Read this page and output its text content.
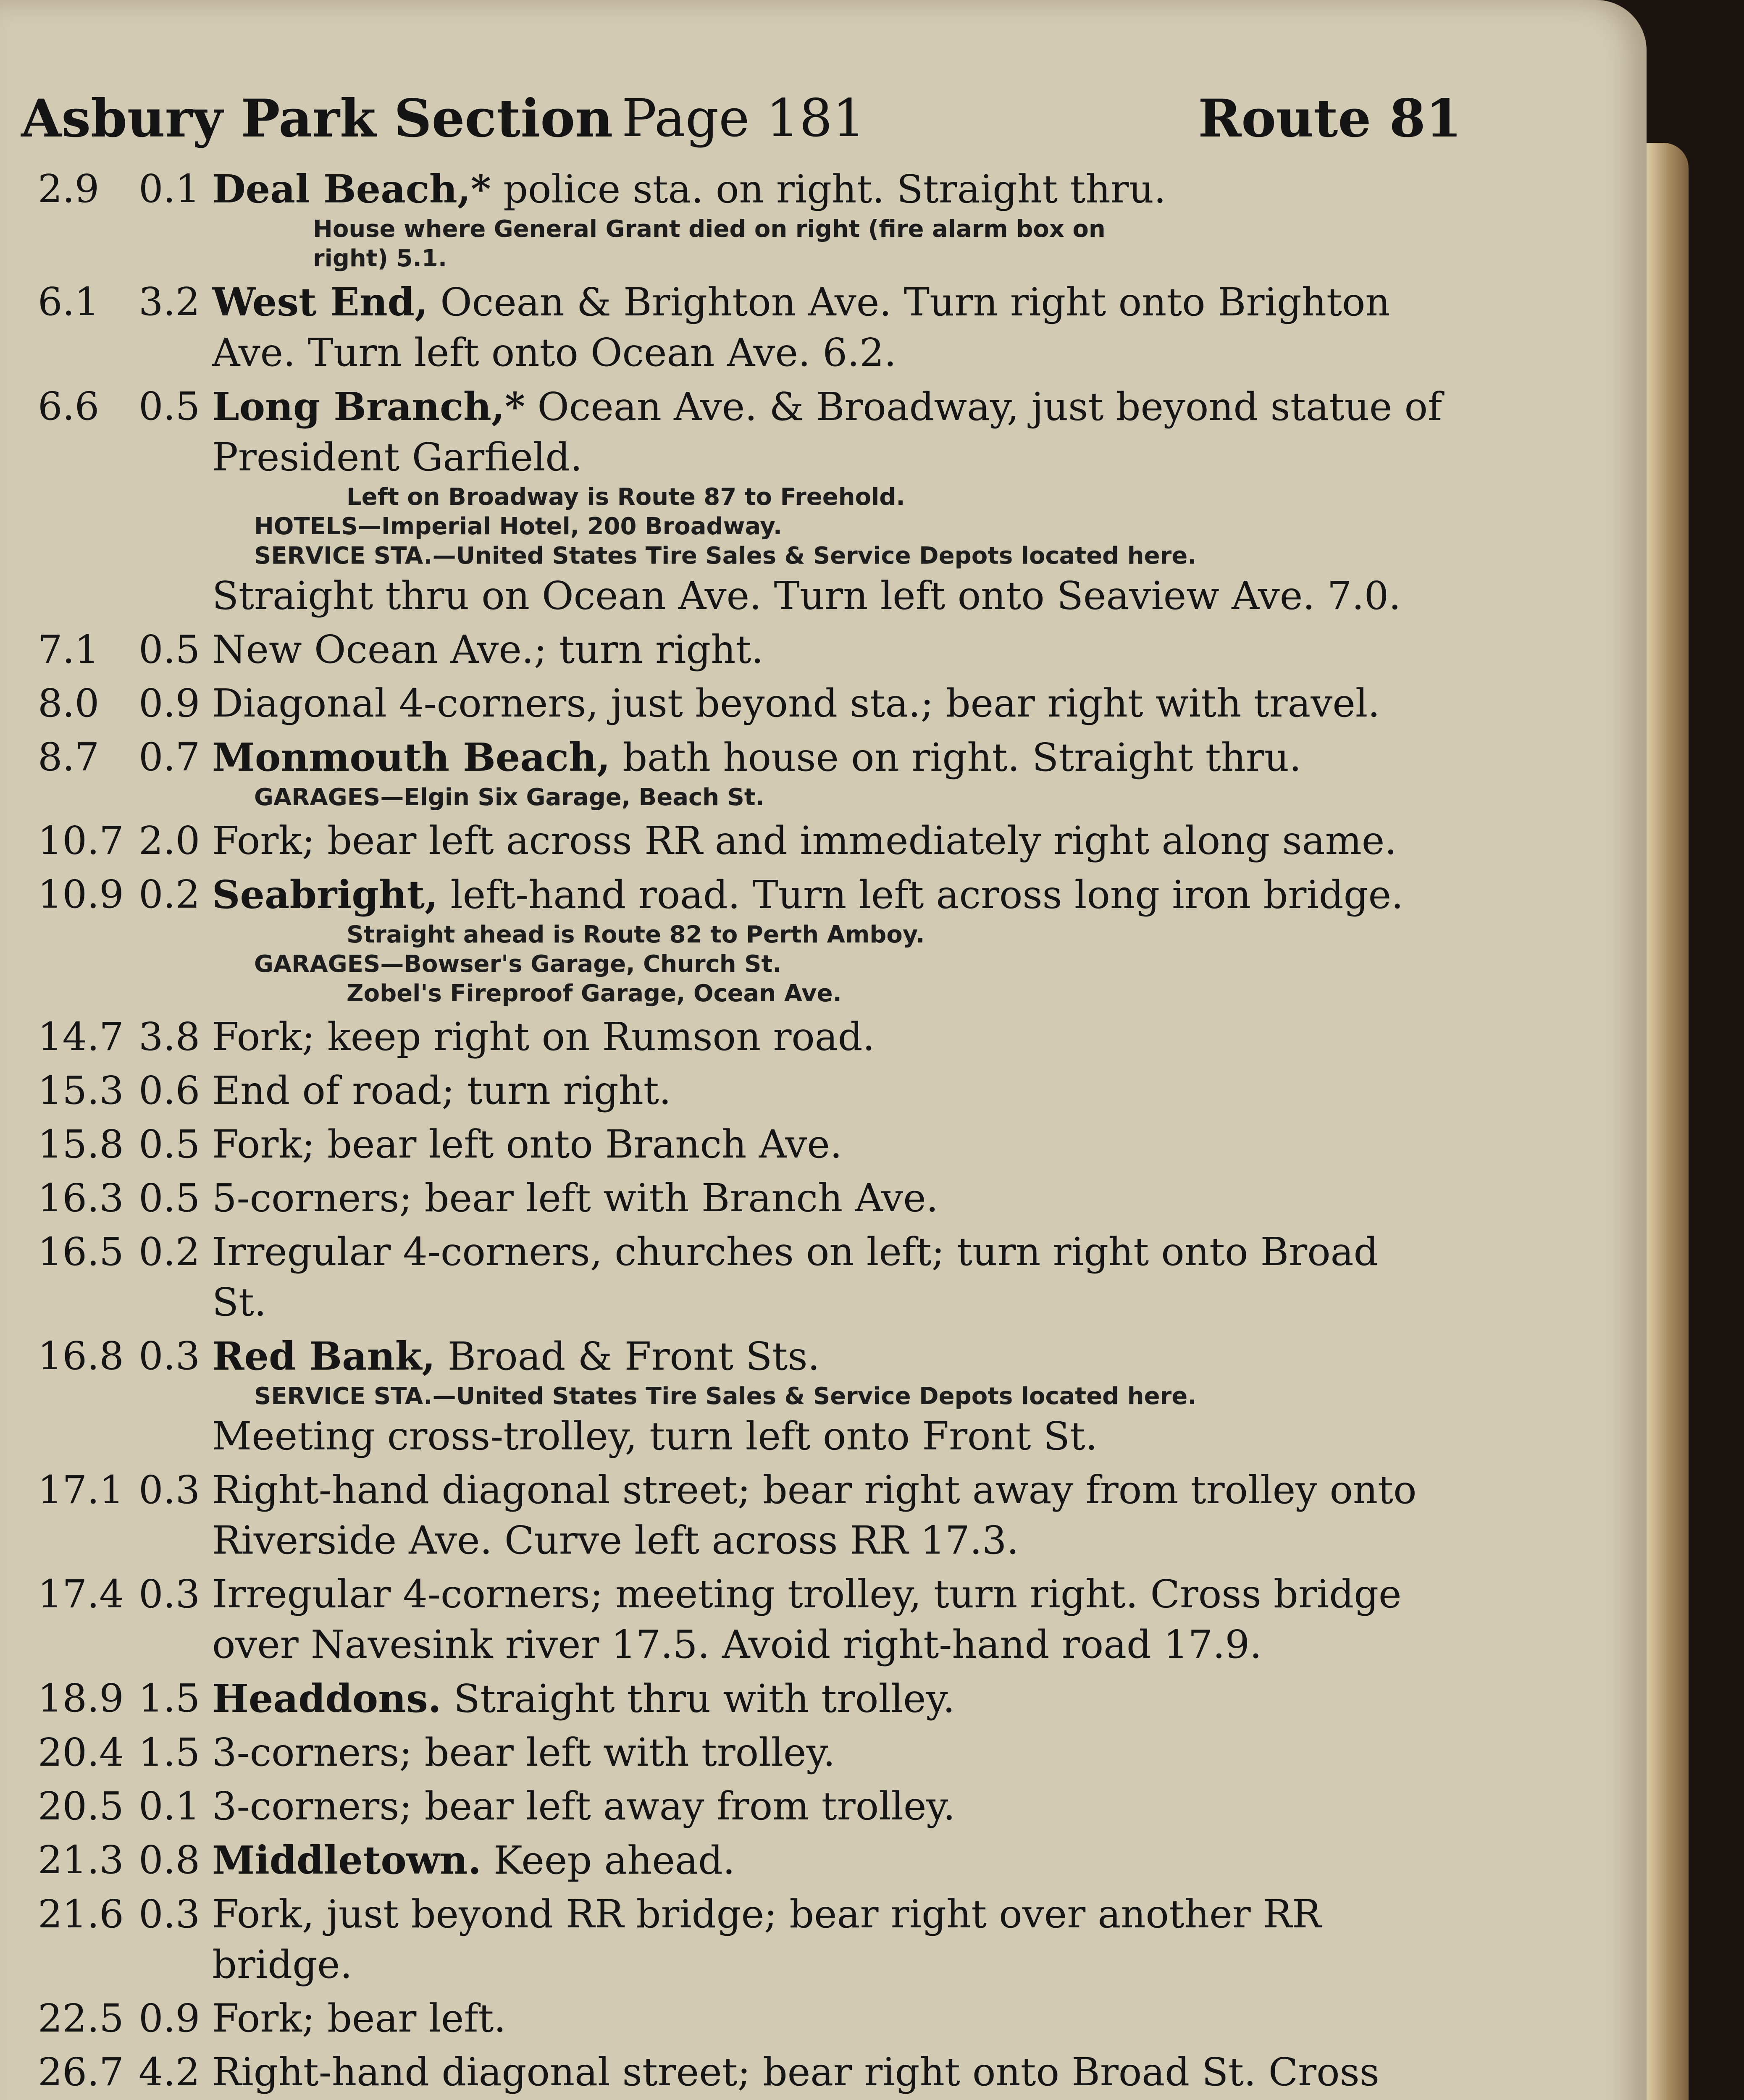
Asbury Park Section Page 181	Route 81
2.9 0.1 Deal Beach,* police sta. on right. Straight thru.
House where General Grant died on right (fire alarm box on
right) 5.1.
6.1 3.2 West End, Ocean & Brighton Ave. Turn right onto Brighton
Ave. Turn left onto Ocean Ave. 6.2.
6.6 0.5 Long Branch,* Ocean Ave. & Broadway, just beyond statue of
President Garfield.
Left on Broadway is Route 87 to Freehold.
HOTELS—Imperial Hotel, 200 Broadway.
SERVICE STA.—United States Tire Sales & Service Depots located here.
Straight thru on Ocean Ave. Turn left onto Seaview Ave. 7.0.
7.1 0.5 New Ocean Ave.; turn right.
8.0 0.9 Diagonal 4-corners, just beyond sta.; bear right with travel.
8.7 0.7 Monmouth Beach, bath house on right. Straight thru.
GARAGES—Elgin Six Garage, Beach St.
10.7 2.0 Fork; bear left across RR and immediately right along same.
10.9 0.2 Seabright, left-hand road. Turn left across long iron bridge.
Straight ahead is Route 82 to Perth Amboy.
GARAGES—Bowser's Garage, Church St.
Zobel's Fireproof Garage, Ocean Ave.
14.7 3.8 Fork; keep right on Rumson road.
15.3 0.6 End of road; turn right.
15.8 0.5 Fork; bear left onto Branch Ave.
16.3 0.5 5-corners; bear left with Branch Ave.
16.5 0.2 Irregular 4-corners, churches on left; turn right onto Broad
St.
16.8 0.3 Red Bank, Broad & Front Sts.
SERVICE STA.—United States Tire Sales & Service Depots located here.
Meeting cross-trolley, turn left onto Front St.
17.1 0.3 Right-hand diagonal street; bear right away from trolley onto
Riverside Ave. Curve left across RR 17.3.
17.4 0.3 Irregular 4-corners; meeting trolley, turn right. Cross bridge
over Navesink river 17.5. Avoid right-hand road 17.9.
18.9 1.5 Headdons. Straight thru with trolley.
20.4 1.5 3-corners; bear left with trolley.
20.5 0.1 3-corners; bear left away from trolley.
21.3 0.8 Middletown. Keep ahead.
21.6 0.3 Fork, just beyond RR bridge; bear right over another RR
bridge.
22.5 0.9 Fork; bear left.
26.7 4.2 Right-hand diagonal street; bear right onto Broad St. Cross
